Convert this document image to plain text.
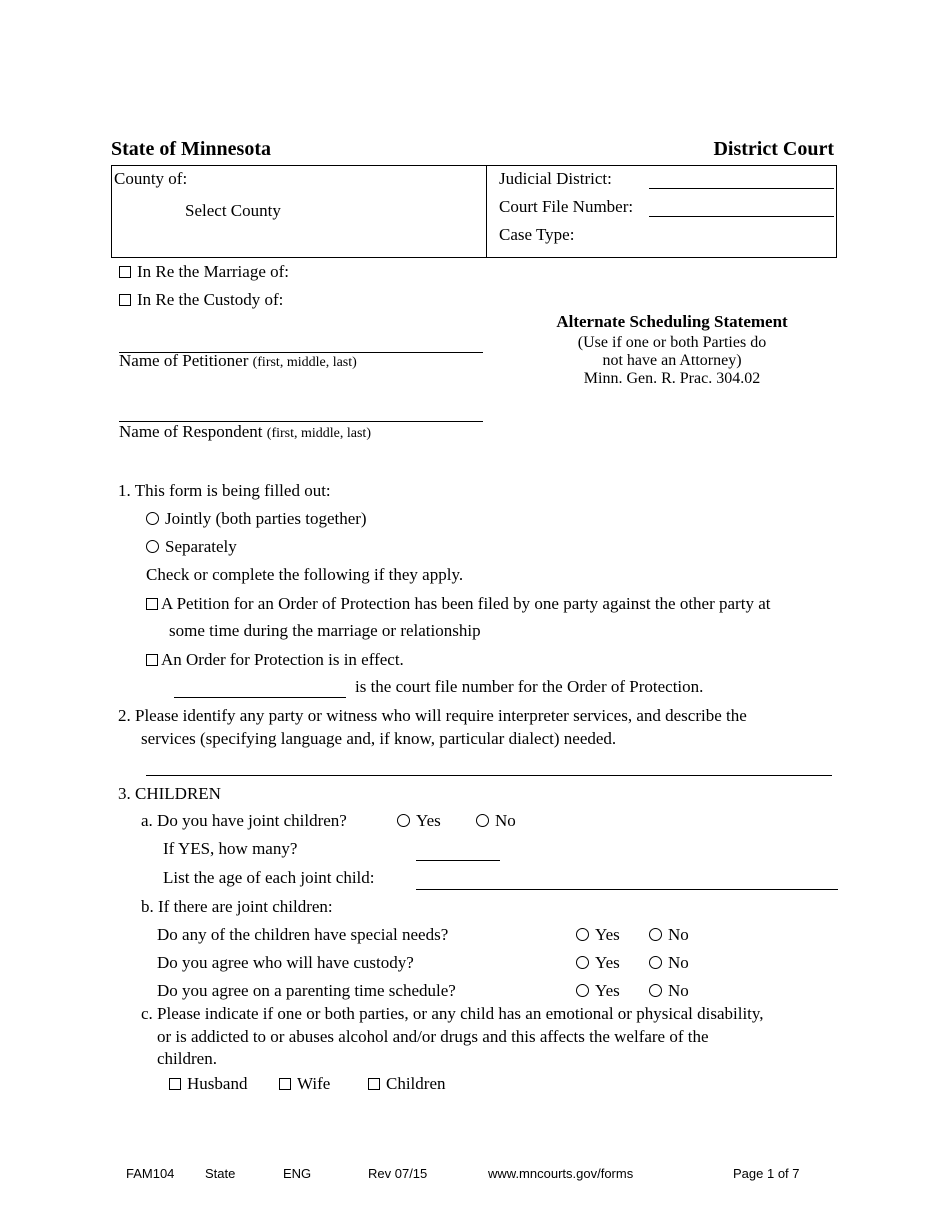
State of Minnesota	District Court
County of:
Select County
Judicial District:
Court File Number:
Case Type:
In Re the Marriage of:
In Re the Custody of:
Name of Petitioner (first, middle, last)
Name of Respondent (first, middle, last)
Alternate Scheduling Statement
(Use if one or both Parties do
not have an Attorney)
Minn. Gen. R. Prac. 304.02
1. This form is being filled out:
Jointly (both parties together)
Separately
Check or complete the following if they apply.
A Petition for an Order of Protection has been filed by one party against the other party at
some time during the marriage or relationship
An Order for Protection is in effect.
is the court file number for the Order of Protection.
2. Please identify any party or witness who will require interpreter services, and describe the
services (specifying language and, if know, particular dialect) needed.
3. CHILDREN
a. Do you have joint children?	Yes	No
If YES, how many?
List the age of each joint child:
b. If there are joint children:
Do any of the children have special needs?	Yes	No
Do you agree who will have custody?	Yes	No
Do you agree on a parenting time schedule?	Yes	No
c. Please indicate if one or both parties, or any child has an emotional or physical disability,
or is addicted to or abuses alcohol and/or drugs and this affects the welfare of the
children.
Husband	Wife	Children
FAM104 State	ENG	Rev 07/15	www.mncourts.gov/forms	Page 1 of 7
